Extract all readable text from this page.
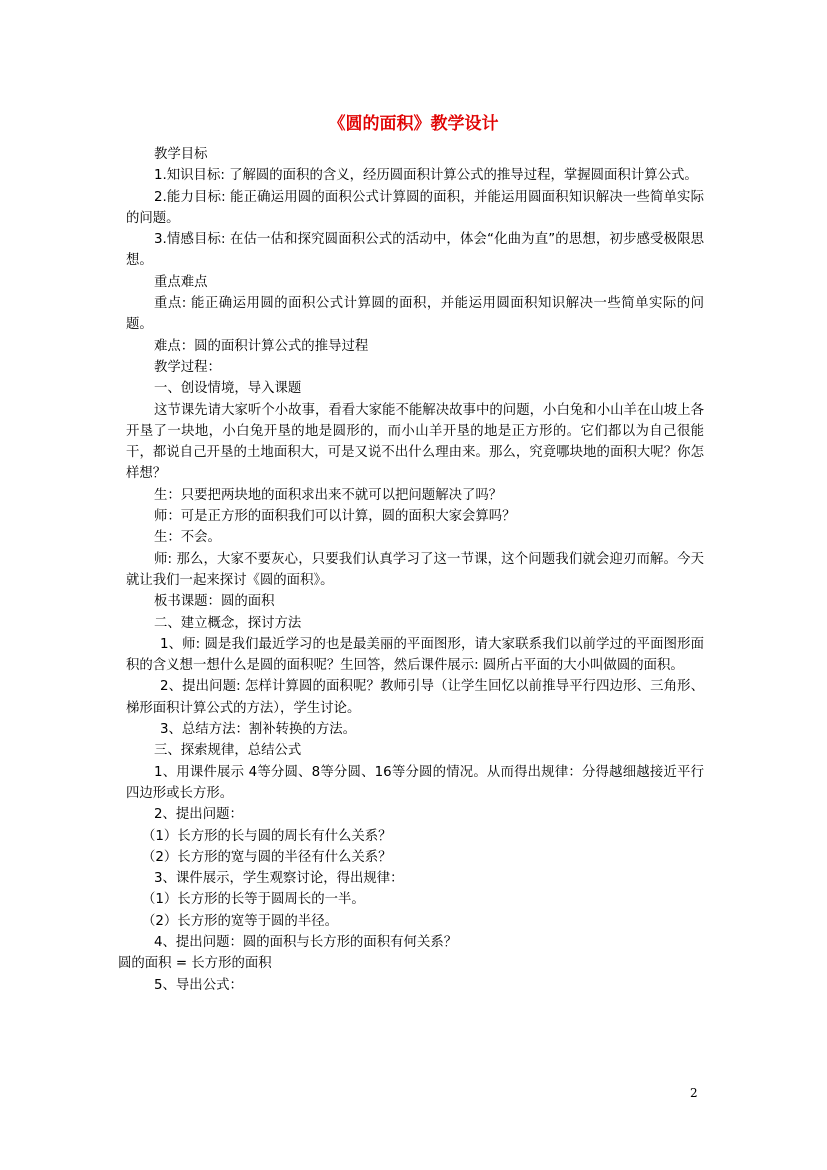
《圆的面积》教学设计

教学目标

1.知识目标: 了解圆的面积的含义，经历圆面积计算公式的推导过程，掌握圆面积计算公式。

2.能力目标: 能正确运用圆的面积公式计算圆的面积，并能运用圆面积知识解决一些简单实际的问题。

3.情感目标: 在估一估和探究圆面积公式的活动中，体会“化曲为直”的思想，初步感受极限思想。

重点难点

重点: 能正确运用圆的面积公式计算圆的面积，并能运用圆面积知识解决一些简单实际的问题。

难点：圆的面积计算公式的推导过程

教学过程：

一、创设情境，导入课题

这节课先请大家听个小故事，看看大家能不能解决故事中的问题，小白兔和小山羊在山坡上各开垦了一块地，小白兔开垦的地是圆形的，而小山羊开垦的地是正方形的。它们都以为自己很能干，都说自己开垦的土地面积大，可是又说不出什么理由来。那么，究竟哪块地的面积大呢？你怎样想？

生：只要把两块地的面积求出来不就可以把问题解决了吗？

师：可是正方形的面积我们可以计算，圆的面积大家会算吗？

生：不会。

师: 那么，大家不要灰心，只要我们认真学习了这一节课，这个问题我们就会迎刃而解。今天就让我们一起来探讨《圆的面积》。

板书课题：圆的面积

二、建立概念，探讨方法

1、师: 圆是我们最近学习的也是最美丽的平面图形，请大家联系我们以前学过的平面图形面积的含义想一想什么是圆的面积呢？生回答，然后课件展示: 圆所占平面的大小叫做圆的面积。

2、提出问题: 怎样计算圆的面积呢？教师引导（让学生回忆以前推导平行四边形、三角形、梯形面积计算公式的方法），学生讨论。

3、总结方法：割补转换的方法。

三、探索规律，总结公式

1、用课件展示 4等分圆、8等分圆、16等分圆的情况。从而得出规律：分得越细越接近平行四边形或长方形。

2、提出问题：

（1）长方形的长与圆的周长有什么关系？

（2）长方形的宽与圆的半径有什么关系？

3、课件展示，学生观察讨论，得出规律：

（1）长方形的长等于圆周长的一半。

（2）长方形的宽等于圆的半径。

4、提出问题：圆的面积与长方形的面积有何关系？

圆的面积 = 长方形的面积

5、导出公式：

2
